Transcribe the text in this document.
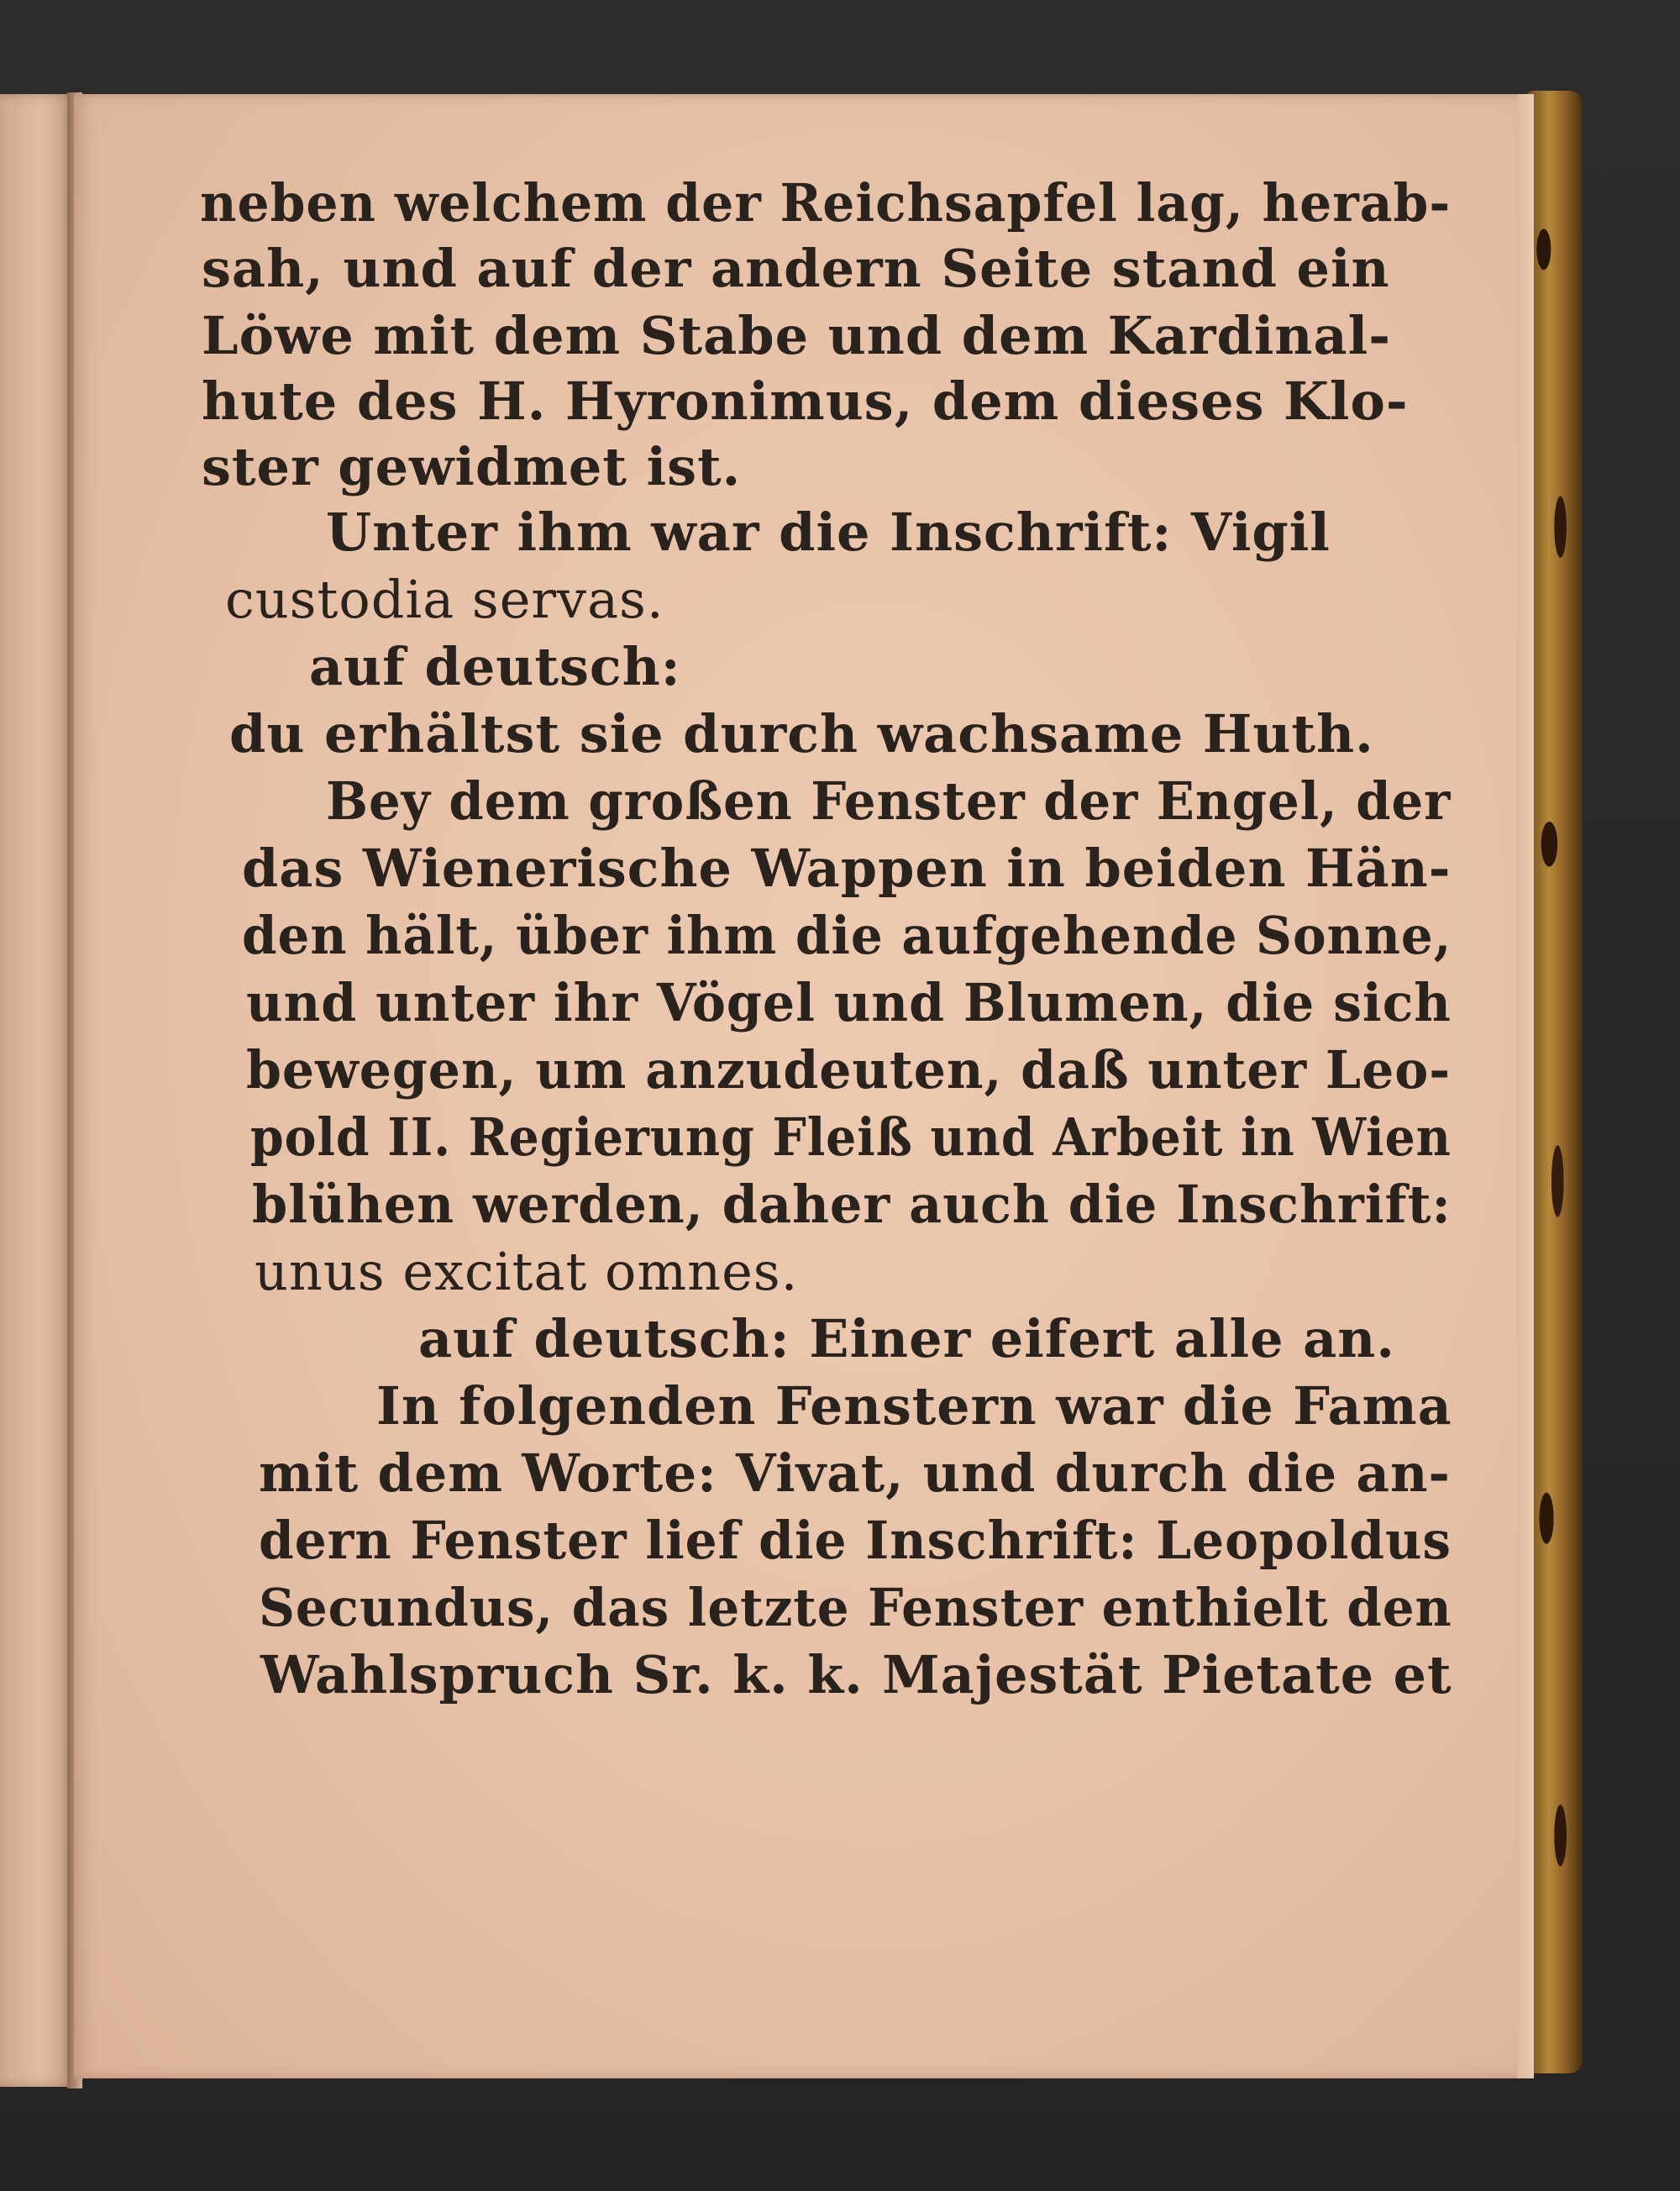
neben welchem der Reichsapfel lag, herab-

sah, und auf der andern Seite stand ein

Löwe mit dem Stabe und dem Kardinal-

hute des H. Hyronimus, dem dieses Klo-

ster gewidmet ist.

Unter ihm war die Inschrift: Vigil

custodia servas.

auf deutsch:

du erhältst sie durch wachsame Huth.

Bey dem großen Fenster der Engel, der

das Wienerische Wappen in beiden Hän-

den hält, über ihm die aufgehende Sonne,

und unter ihr Vögel und Blumen, die sich

bewegen, um anzudeuten, daß unter Leo-

pold II. Regierung Fleiß und Arbeit in Wien

blühen werden, daher auch die Inschrift:

unus excitat omnes.

auf deutsch: Einer eifert alle an.

In folgenden Fenstern war die Fama

mit dem Worte: Vivat, und durch die an-

dern Fenster lief die Inschrift: Leopoldus

Secundus, das letzte Fenster enthielt den

Wahlspruch Sr. k. k. Majestät Pietate et
